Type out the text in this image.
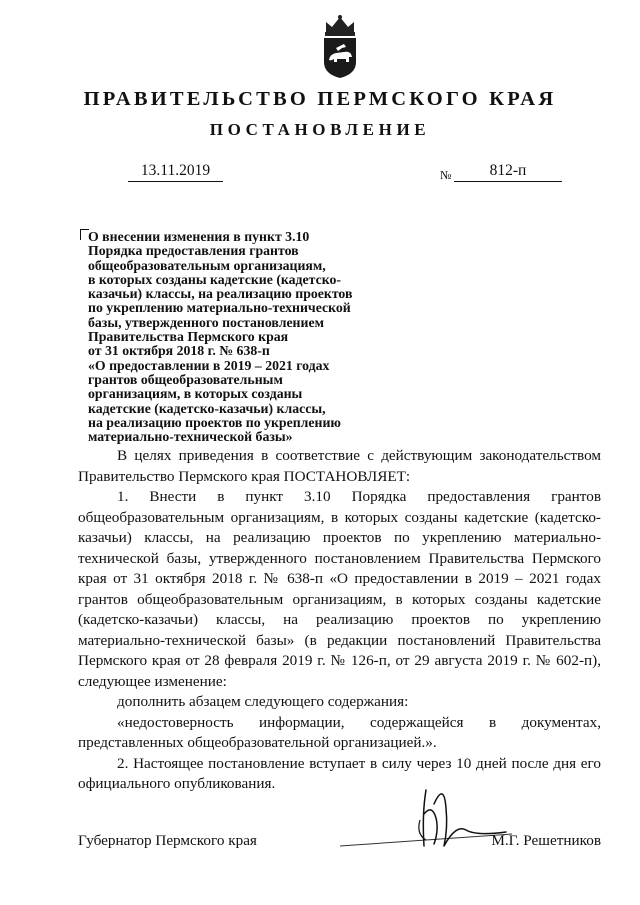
ПРАВИТЕЛЬСТВО ПЕРМСКОГО КРАЯ
ПОСТАНОВЛЕНИЕ
13.11.2019	№	812-п
О внесении изменения в пункт 3.10
Порядка предоставления грантов
общеобразовательным организациям,
в которых созданы кадетские (кадетско-
казачьи) классы, на реализацию проектов
по укреплению материально-технической
базы, утвержденного постановлением
Правительства Пермского края
от 31 октября 2018 г. № 638-п
«О предоставлении в 2019 – 2021 годах
грантов общеобразовательным
организациям, в которых созданы
кадетские (кадетско-казачьи) классы,
на реализацию проектов по укреплению
материально-технической базы»

В целях приведения в соответствие с действующим законодательством Правительство Пермского края ПОСТАНОВЛЯЕТ:

1. Внести в пункт 3.10 Порядка предоставления грантов общеобразовательным организациям, в которых созданы кадетские (кадетско-казачьи) классы, на реализацию проектов по укреплению материально-технической базы, утвержденного постановлением Правительства Пермского края от 31 октября 2018 г. № 638-п «О предоставлении в 2019 – 2021 годах грантов общеобразовательным организациям, в которых созданы кадетские (кадетско-казачьи) классы, на реализацию проектов по укреплению материально-технической базы» (в редакции постановлений Правительства Пермского края от 28 февраля 2019 г. № 126-п, от 29 августа 2019 г. № 602-п), следующее изменение:

дополнить абзацем следующего содержания:

«недостоверность информации, содержащейся в документах, представленных общеобразовательной организацией.».

2. Настоящее постановление вступает в силу через 10 дней после дня его официального опубликования.

Губернатор Пермского края	М.Г. Решетников
